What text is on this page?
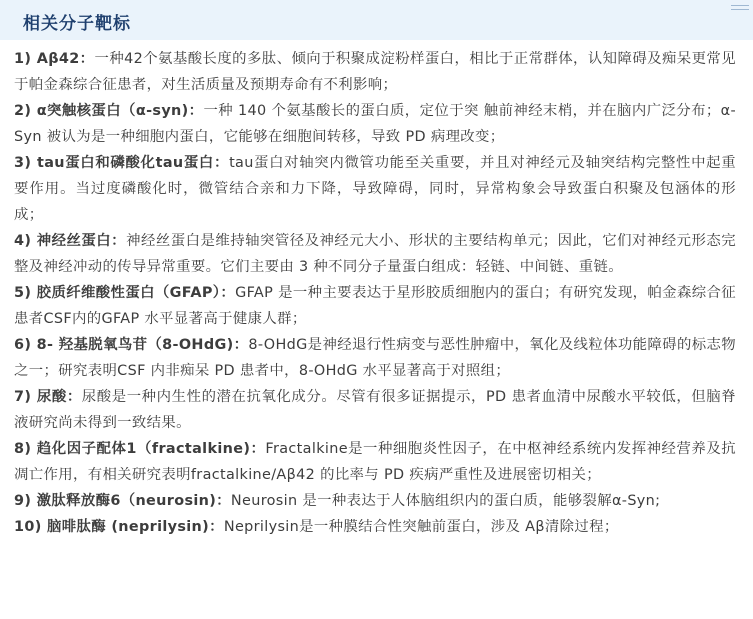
相关分子靶标

1) Aβ42：一种42个氨基酸长度的多肽、倾向于积聚成淀粉样蛋白，相比于正常群体，认知障碍及痴呆更常见于帕金森综合征患者，对生活质量及预期寿命有不利影响；

2) α突触核蛋白（α-syn)：一种 140 个氨基酸长的蛋白质，定位于突 触前神经末梢，并在脑内广泛分布；α-Syn 被认为是一种细胞内蛋白，它能够在细胞间转移，导致 PD 病理改变；

3) tau蛋白和磷酸化tau蛋白：tau蛋白对轴突内微管功能至关重要，并且对神经元及轴突结构完整性中起重要作用。当过度磷酸化时，微管结合亲和力下降，导致障碍，同时，异常构象会导致蛋白积聚及包涵体的形成；

4) 神经丝蛋白：神经丝蛋白是维持轴突管径及神经元大小、形状的主要结构单元；因此，它们对神经元形态完整及神经冲动的传导异常重要。它们主要由 3 种不同分子量蛋白组成：轻链、中间链、重链。

5) 胶质纤维酸性蛋白（GFAP）：GFAP 是一种主要表达于星形胶质细胞内的蛋白；有研究发现，帕金森综合征患者CSF内的GFAP 水平显著高于健康人群；

6) 8- 羟基脱氧鸟苷（8-OHdG)：8-OHdG是神经退行性病变与恶性肿瘤中，氧化及线粒体功能障碍的标志物之一；研究表明CSF 内非痴呆 PD 患者中，8-OHdG 水平显著高于对照组；

7) 尿酸：尿酸是一种内生性的潜在抗氧化成分。尽管有很多证据提示，PD 患者血清中尿酸水平较低，但脑脊液研究尚未得到一致结果。

8) 趋化因子配体1（fractalkine)：Fractalkine是一种细胞炎性因子，在中枢神经系统内发挥神经营养及抗凋亡作用，有相关研究表明fractalkine/Aβ42 的比率与 PD 疾病严重性及进展密切相关；

9) 激肽释放酶6（neurosin)：Neurosin 是一种表达于人体脑组织内的蛋白质，能够裂解α-Syn;

10) 脑啡肽酶 (neprilysin)：Neprilysin是一种膜结合性突触前蛋白，涉及 Aβ清除过程；
